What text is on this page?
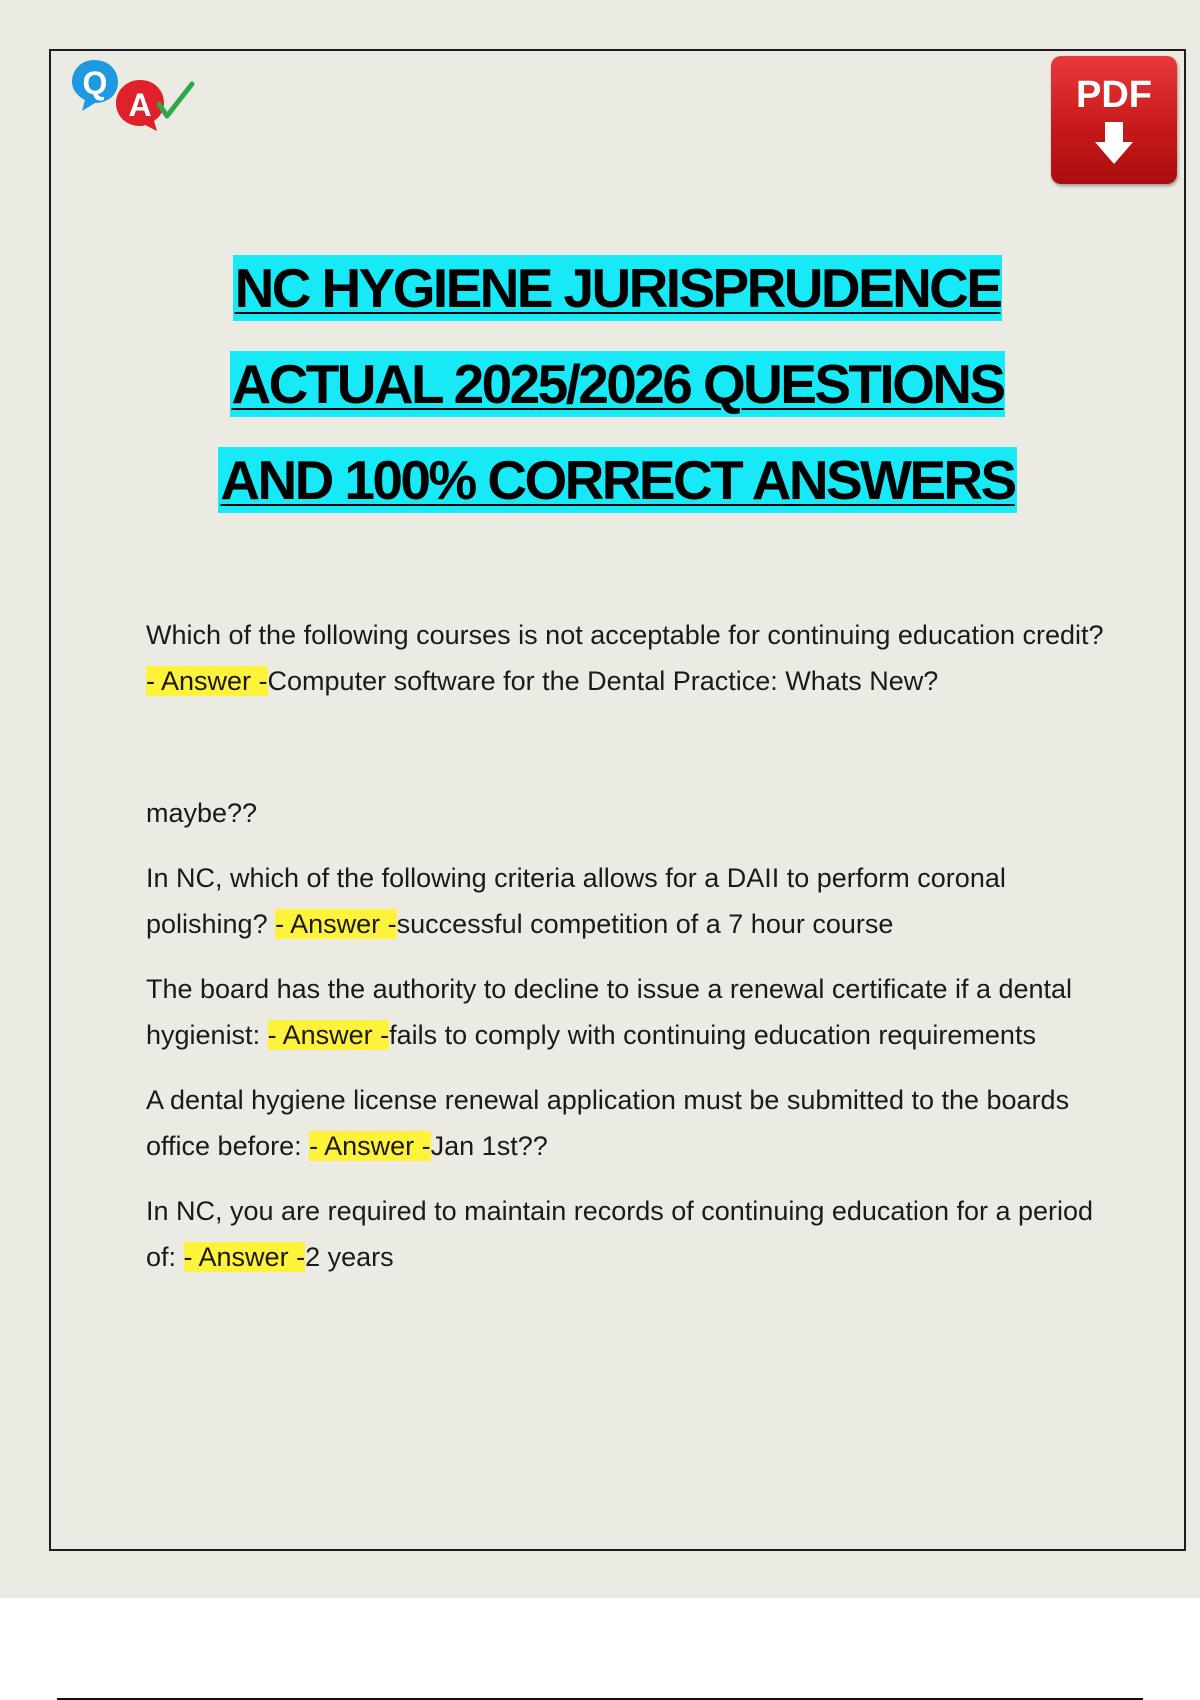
Q
A	PDF
NC HYGIENE JURISPRUDENCE
ACTUAL 2025/2026 QUESTIONS
AND 100% CORRECT ANSWERS

Which of the following courses is not acceptable for continuing education credit? - Answer -Computer software for the Dental Practice: Whats New?

maybe??

In NC, which of the following criteria allows for a DAII to perform coronal polishing? - Answer -successful competition of a 7 hour course

The board has the authority to decline to issue a renewal certificate if a dental hygienist: - Answer -fails to comply with continuing education requirements

A dental hygiene license renewal application must be submitted to the boards office before: - Answer -Jan 1st??

In NC, you are required to maintain records of continuing education for a period of: - Answer -2 years
